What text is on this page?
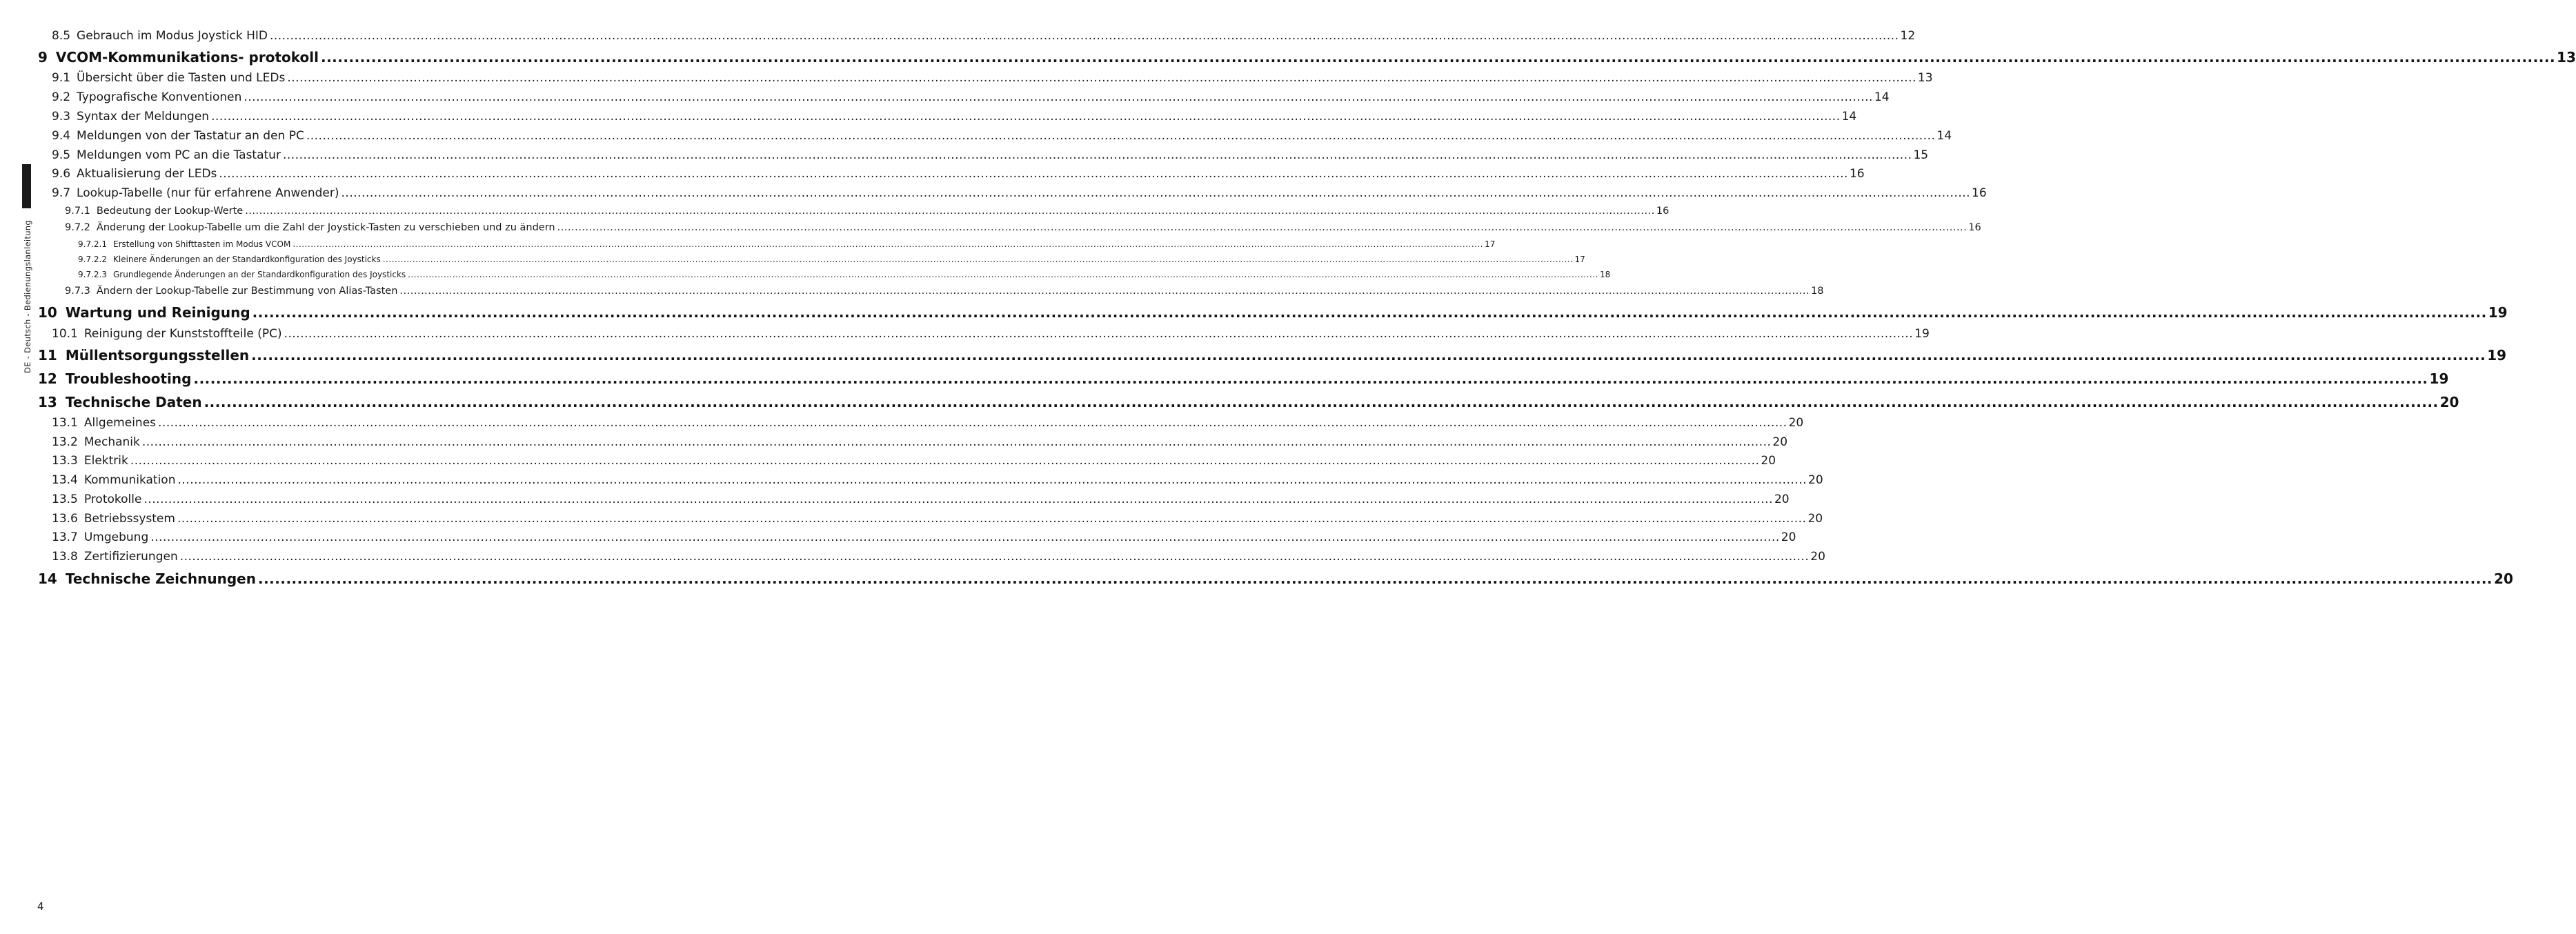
DE - Deutsch - Bedienungslanleitung
8.5 Gebrauch im Modus Joystick HID ................................................................................................................................................................................................................................................................................................................................................................................................................ 12
9 VCOM-Kommunikations- protokoll ................................................................................................................................................................................................................................................................................................................................................................................................................ 13
9.1 Übersicht über die Tasten und LEDs ................................................................................................................................................................................................................................................................................................................................................................................................................ 13
9.2 Typografische Konventionen ................................................................................................................................................................................................................................................................................................................................................................................................................ 14
9.3 Syntax der Meldungen ................................................................................................................................................................................................................................................................................................................................................................................................................ 14
9.4 Meldungen von der Tastatur an den PC ................................................................................................................................................................................................................................................................................................................................................................................................................ 14
9.5 Meldungen vom PC an die Tastatur ................................................................................................................................................................................................................................................................................................................................................................................................................ 15
9.6 Aktualisierung der LEDs ................................................................................................................................................................................................................................................................................................................................................................................................................ 16
9.7 Lookup-Tabelle (nur für erfahrene Anwender) ................................................................................................................................................................................................................................................................................................................................................................................................................ 16
9.7.1 Bedeutung der Lookup-Werte ................................................................................................................................................................................................................................................................................................................................................................................................................ 16
9.7.2 Änderung der Lookup-Tabelle um die Zahl der Joystick-Tasten zu verschieben und zu ändern ................................................................................................................................................................................................................................................................................................................................................................................................................ 16
9.7.2.1 Erstellung von Shifttasten im Modus VCOM ................................................................................................................................................................................................................................................................................................................................................................................................................ 17
9.7.2.2 Kleinere Änderungen an der Standardkonfiguration des Joysticks ................................................................................................................................................................................................................................................................................................................................................................................................................ 17
9.7.2.3 Grundlegende Änderungen an der Standardkonfiguration des Joysticks ................................................................................................................................................................................................................................................................................................................................................................................................................ 18
9.7.3 Ändern der Lookup-Tabelle zur Bestimmung von Alias-Tasten ................................................................................................................................................................................................................................................................................................................................................................................................................ 18
10 Wartung und Reinigung ................................................................................................................................................................................................................................................................................................................................................................................................................ 19
10.1 Reinigung der Kunststoffteile (PC) ................................................................................................................................................................................................................................................................................................................................................................................................................ 19
11 Müllentsorgungsstellen ................................................................................................................................................................................................................................................................................................................................................................................................................ 19
12 Troubleshooting ................................................................................................................................................................................................................................................................................................................................................................................................................ 19
13 Technische Daten ................................................................................................................................................................................................................................................................................................................................................................................................................ 20
13.1 Allgemeines ................................................................................................................................................................................................................................................................................................................................................................................................................ 20
13.2 Mechanik ................................................................................................................................................................................................................................................................................................................................................................................................................ 20
13.3 Elektrik ................................................................................................................................................................................................................................................................................................................................................................................................................ 20
13.4 Kommunikation ................................................................................................................................................................................................................................................................................................................................................................................................................ 20
13.5 Protokolle ................................................................................................................................................................................................................................................................................................................................................................................................................ 20
13.6 Betriebssystem ................................................................................................................................................................................................................................................................................................................................................................................................................ 20
13.7 Umgebung ................................................................................................................................................................................................................................................................................................................................................................................................................ 20
13.8 Zertifizierungen ................................................................................................................................................................................................................................................................................................................................................................................................................ 20
14 Technische Zeichnungen ................................................................................................................................................................................................................................................................................................................................................................................................................ 20
4
